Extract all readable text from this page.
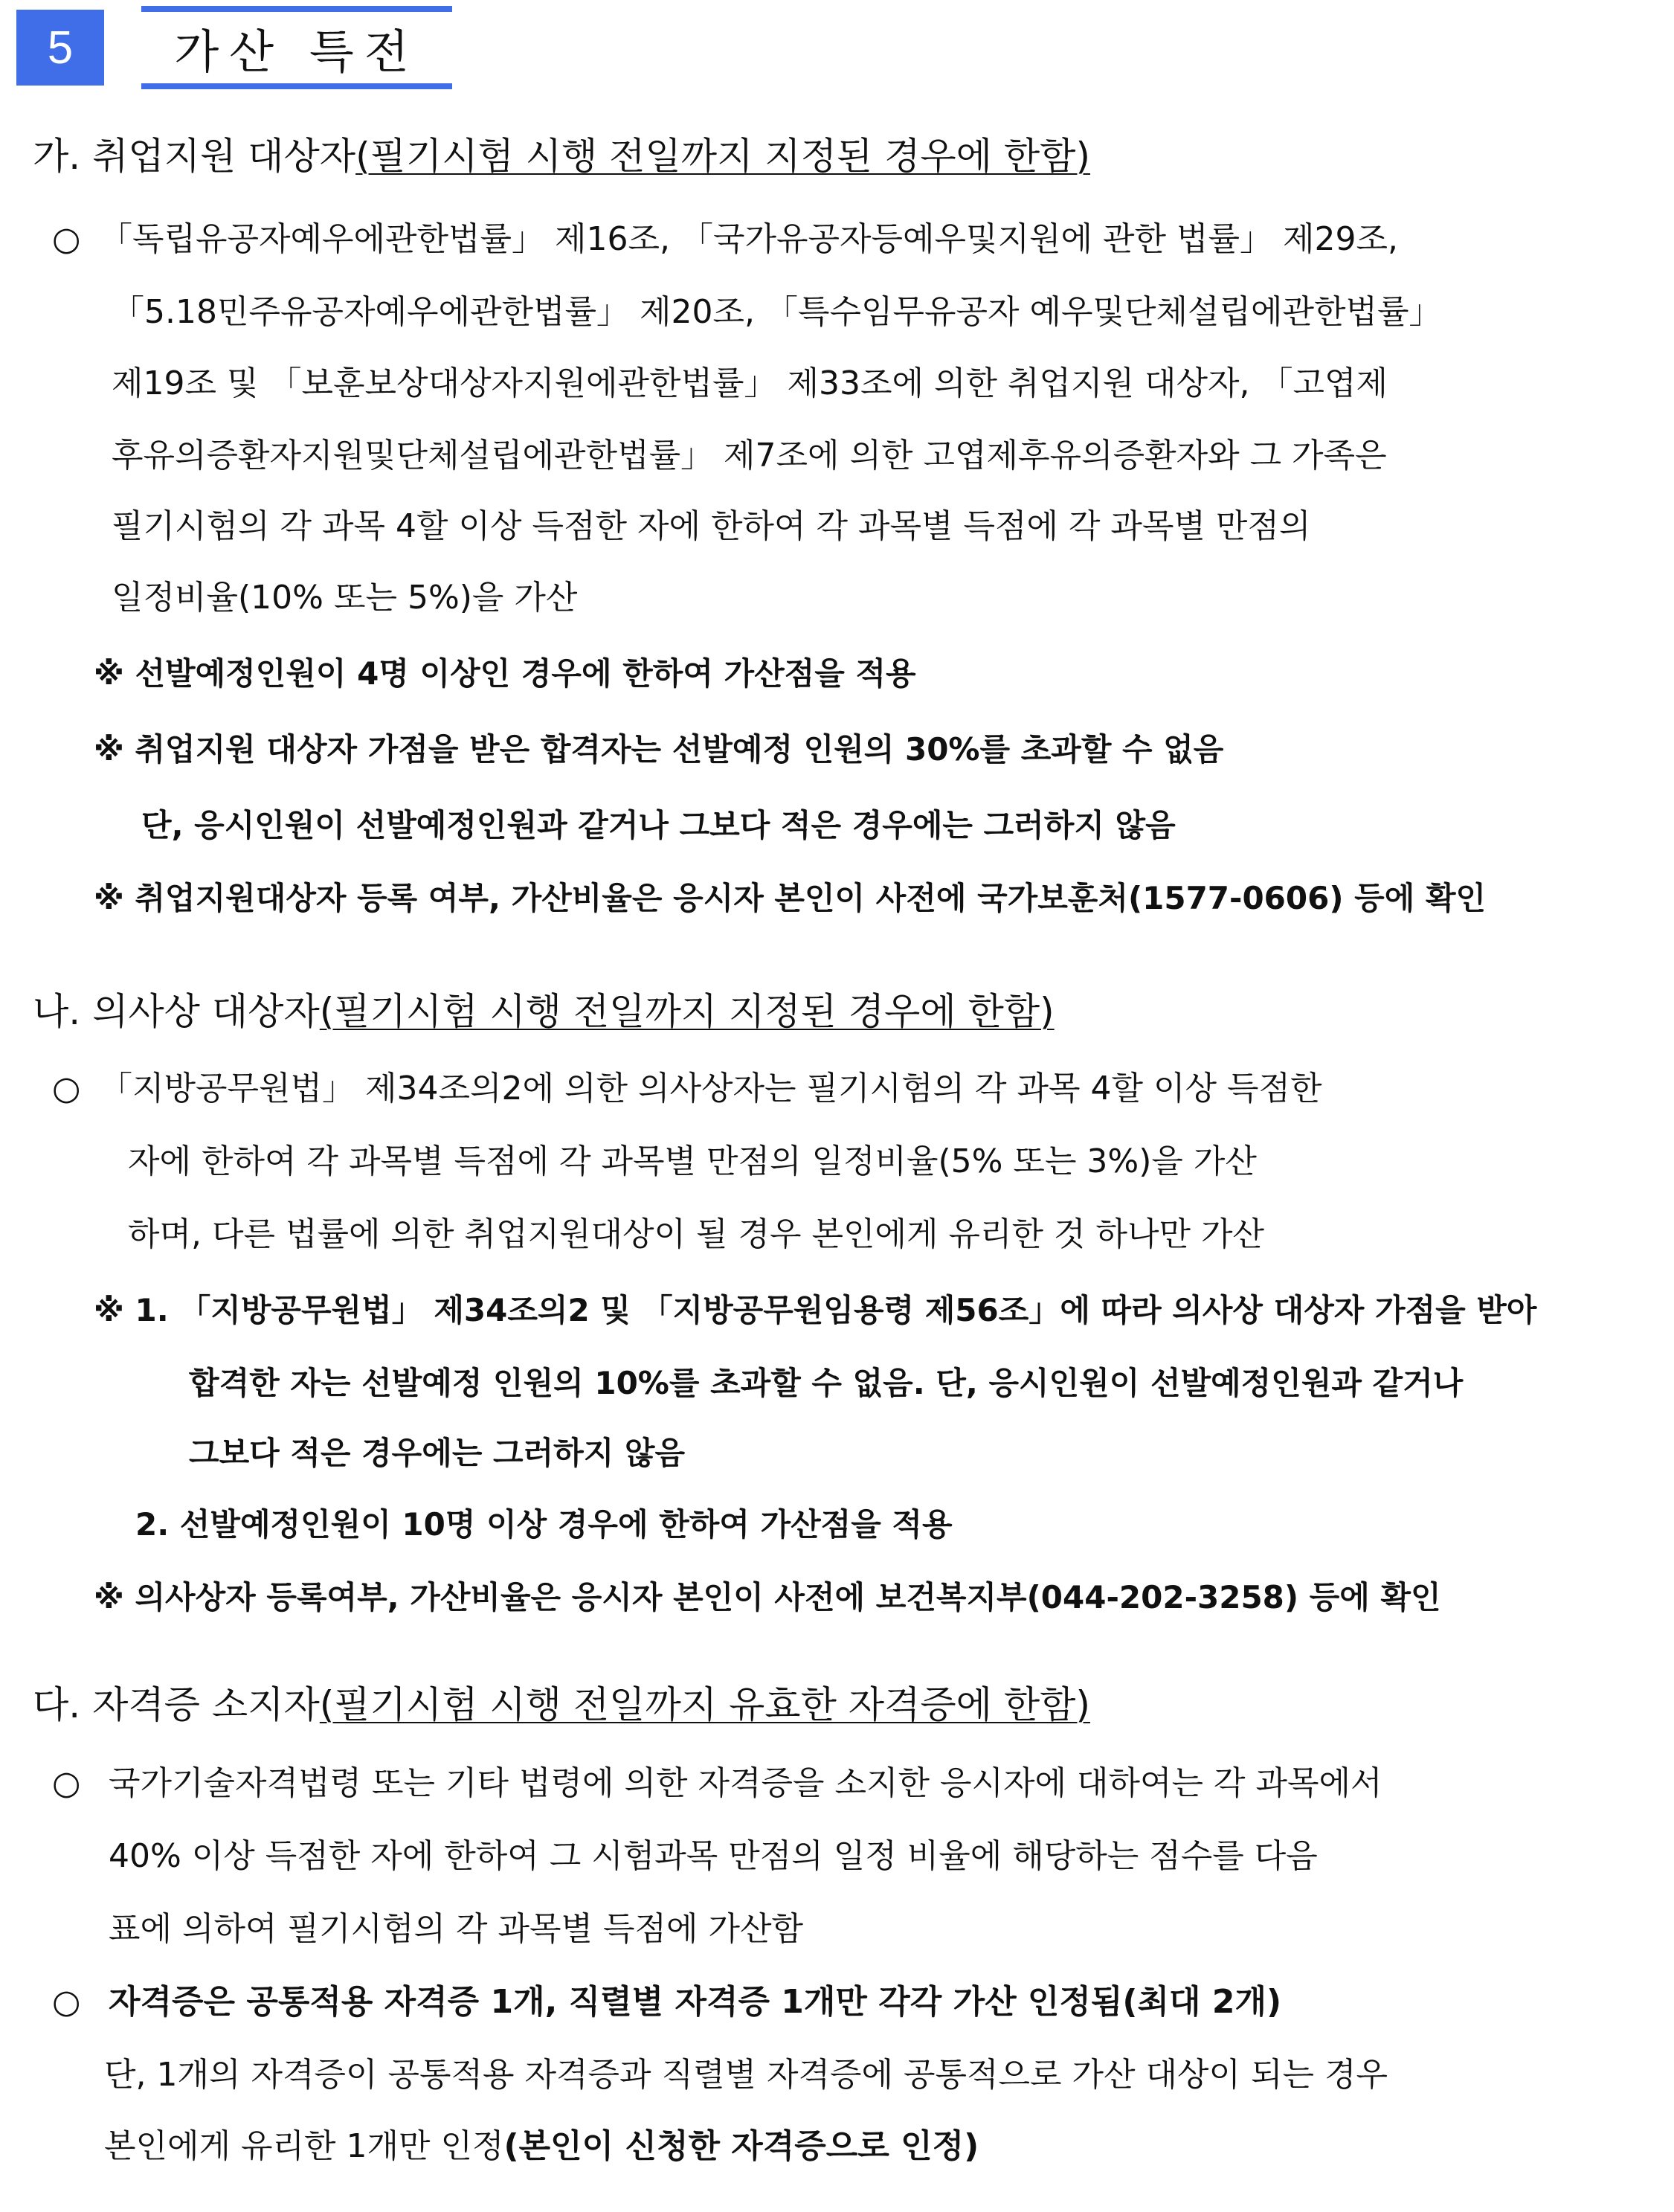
5	가산 특전
가. 취업지원 대상자(필기시험 시행 전일까지 지정된 경우에 한함)
○ 「독립유공자예우에관한법률」 제16조, 「국가유공자등예우및지원에 관한 법률」 제29조,
「5.18민주유공자예우에관한법률」 제20조, 「특수임무유공자 예우및단체설립에관한법률」
제19조 및 「보훈보상대상자지원에관한법률」 제33조에 의한 취업지원 대상자, 「고엽제
후유의증환자지원및단체설립에관한법률」 제7조에 의한 고엽제후유의증환자와 그 가족은
필기시험의 각 과목 4할 이상 득점한 자에 한하여 각 과목별 득점에 각 과목별 만점의
일정비율(10% 또는 5%)을 가산
※ 선발예정인원이 4명 이상인 경우에 한하여 가산점을 적용
※ 취업지원 대상자 가점을 받은 합격자는 선발예정 인원의 30%를 초과할 수 없음
단, 응시인원이 선발예정인원과 같거나 그보다 적은 경우에는 그러하지 않음
※ 취업지원대상자 등록 여부, 가산비율은 응시자 본인이 사전에 국가보훈처(1577-0606) 등에 확인
나. 의사상 대상자(필기시험 시행 전일까지 지정된 경우에 한함)
○ 「지방공무원법」 제34조의2에 의한 의사상자는 필기시험의 각 과목 4할 이상 득점한
자에 한하여 각 과목별 득점에 각 과목별 만점의 일정비율(5% 또는 3%)을 가산
하며, 다른 법률에 의한 취업지원대상이 될 경우 본인에게 유리한 것 하나만 가산
※ 1. 「지방공무원법」 제34조의2 및 「지방공무원임용령 제56조」에 따라 의사상 대상자 가점을 받아
합격한 자는 선발예정 인원의 10%를 초과할 수 없음. 단, 응시인원이 선발예정인원과 같거나
그보다 적은 경우에는 그러하지 않음
2. 선발예정인원이 10명 이상 경우에 한하여 가산점을 적용
※ 의사상자 등록여부, 가산비율은 응시자 본인이 사전에 보건복지부(044-202-3258) 등에 확인
다. 자격증 소지자(필기시험 시행 전일까지 유효한 자격증에 한함)
○ 국가기술자격법령 또는 기타 법령에 의한 자격증을 소지한 응시자에 대하여는 각 과목에서
40% 이상 득점한 자에 한하여 그 시험과목 만점의 일정 비율에 해당하는 점수를 다음
표에 의하여 필기시험의 각 과목별 득점에 가산함
○ 자격증은 공통적용 자격증 1개, 직렬별 자격증 1개만 각각 가산 인정됨(최대 2개)
단, 1개의 자격증이 공통적용 자격증과 직렬별 자격증에 공통적으로 가산 대상이 되는 경우
본인에게 유리한 1개만 인정(본인이 신청한 자격증으로 인정)
